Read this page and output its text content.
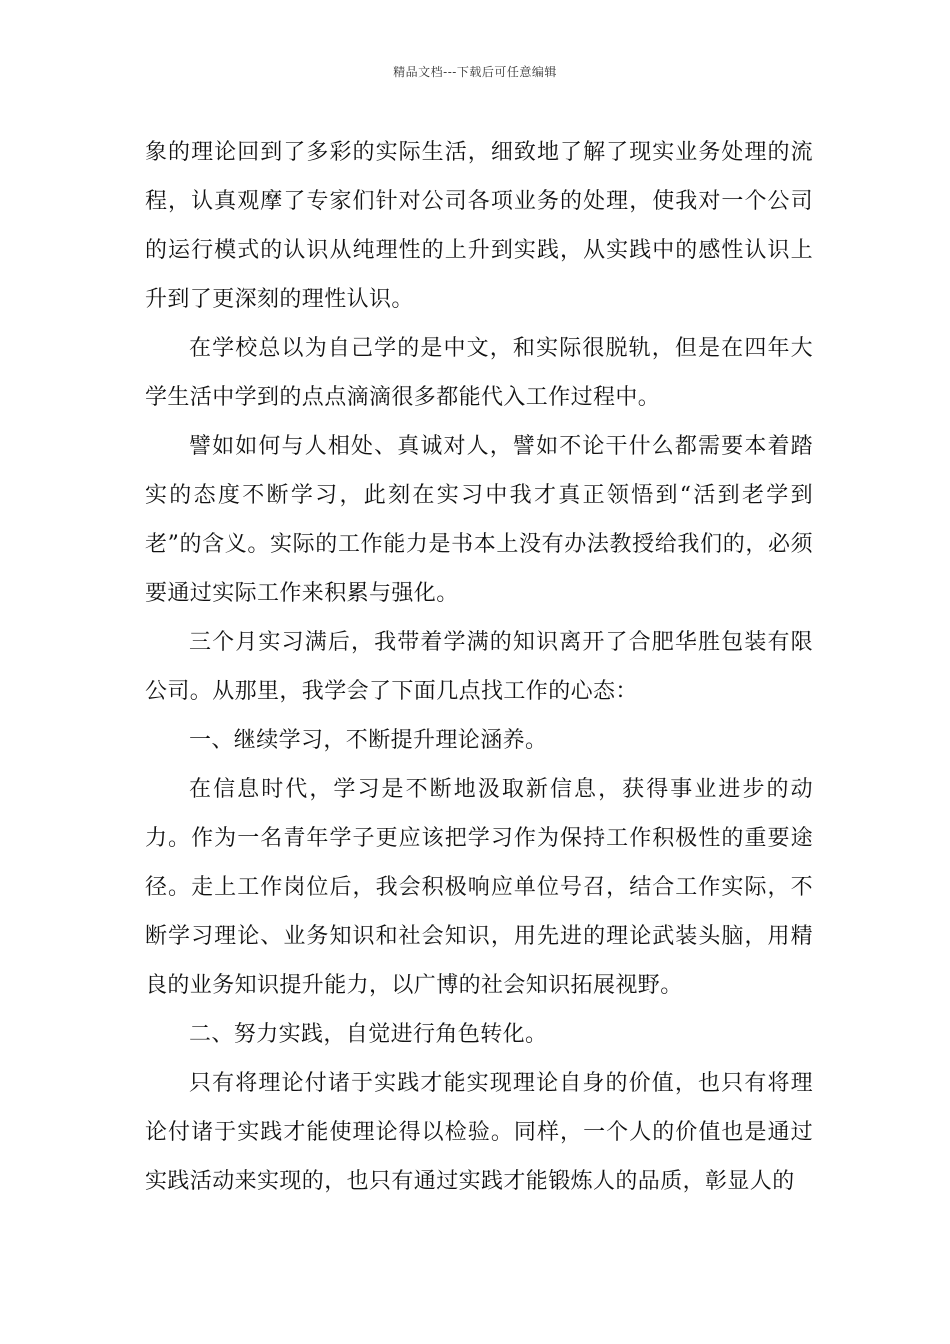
精品文档---下载后可任意编辑

象的理论回到了多彩的实际生活，细致地了解了现实业务处理的流程，认真观摩了专家们针对公司各项业务的处理，使我对一个公司的运行模式的认识从纯理性的上升到实践，从实践中的感性认识上升到了更深刻的理性认识。

在学校总以为自己学的是中文，和实际很脱轨，但是在四年大学生活中学到的点点滴滴很多都能代入工作过程中。

譬如如何与人相处、真诚对人，譬如不论干什么都需要本着踏实的态度不断学习，此刻在实习中我才真正领悟到“活到老学到老”的含义。实际的工作能力是书本上没有办法教授给我们的，必须要通过实际工作来积累与强化。

三个月实习满后，我带着学满的知识离开了合肥华胜包装有限公司。从那里，我学会了下面几点找工作的心态：

一、继续学习，不断提升理论涵养。

在信息时代，学习是不断地汲取新信息，获得事业进步的动力。作为一名青年学子更应该把学习作为保持工作积极性的重要途径。走上工作岗位后，我会积极响应单位号召，结合工作实际，不断学习理论、业务知识和社会知识，用先进的理论武装头脑，用精良的业务知识提升能力，以广博的社会知识拓展视野。

二、努力实践，自觉进行角色转化。

只有将理论付诸于实践才能实现理论自身的价值，也只有将理论付诸于实践才能使理论得以检验。同样，一个人的价值也是通过实践活动来实现的，也只有通过实践才能锻炼人的品质，彰显人的
